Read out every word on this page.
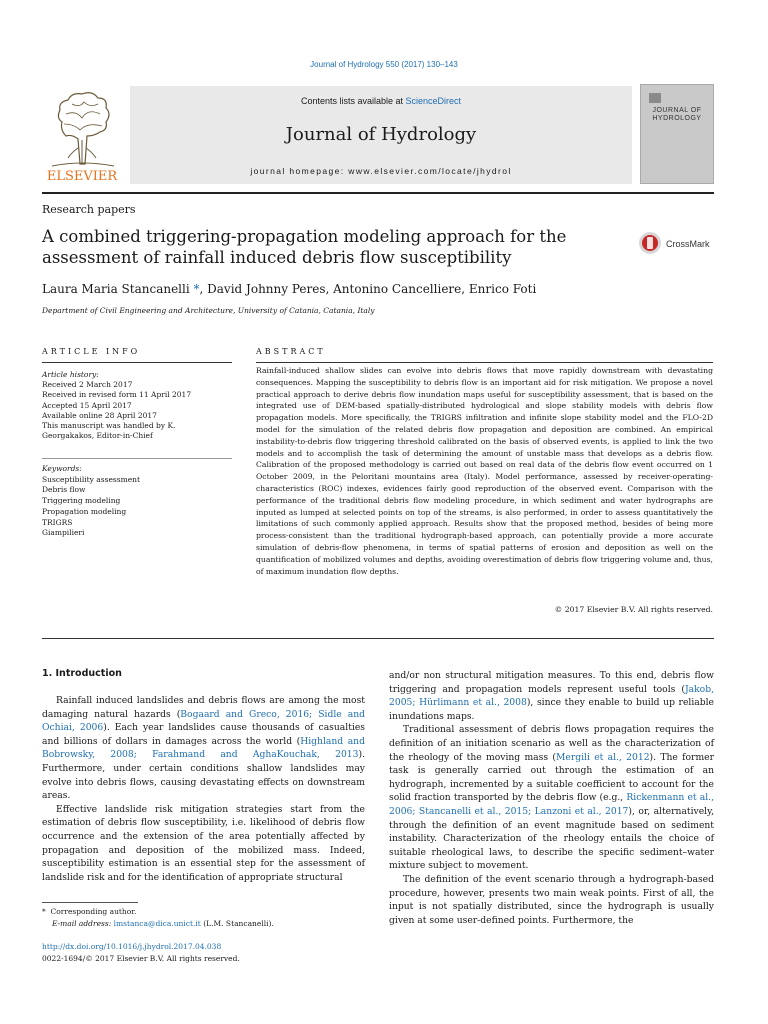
Journal of Hydrology 550 (2017) 130–143
ELSEVIER
Contents lists available at ScienceDirect
Journal of Hydrology
journal homepage: www.elsevier.com/locate/jhydrol
JOURNAL OF
HYDROLOGY
Research papers
A combined triggering-propagation modeling approach for the assessment of rainfall induced debris flow susceptibility
CrossMark
Laura Maria Stancanelli *, David Johnny Peres, Antonino Cancelliere, Enrico Foti
Department of Civil Engineering and Architecture, University of Catania, Catania, Italy
ARTICLE INFO	ABSTRACT
Article history:
Received 2 March 2017
Received in revised form 11 April 2017
Accepted 15 April 2017
Available online 28 April 2017
This manuscript was handled by K.
Georgakakos, Editor-in-Chief
Keywords:
Susceptibility assessment
Debris flow
Triggering modeling
Propagation modeling
TRIGRS
Giampilieri
Rainfall-induced shallow slides can evolve into debris flows that move rapidly downstream with devastating consequences. Mapping the susceptibility to debris flow is an important aid for risk mitigation. We propose a novel practical approach to derive debris flow inundation maps useful for susceptibility assessment, that is based on the integrated use of DEM-based spatially-distributed hydrological and slope stability models with debris flow propagation models. More specifically, the TRIGRS infiltration and infinite slope stability model and the FLO-2D model for the simulation of the related debris flow propagation and deposition are combined. An empirical instability-to-debris flow triggering threshold calibrated on the basis of observed events, is applied to link the two models and to accomplish the task of determining the amount of unstable mass that develops as a debris flow. Calibration of the proposed methodology is carried out based on real data of the debris flow event occurred on 1 October 2009, in the Peloritani mountains area (Italy). Model performance, assessed by receiver-operating-characteristics (ROC) indexes, evidences fairly good reproduction of the observed event. Comparison with the performance of the traditional debris flow modeling procedure, in which sediment and water hydrographs are inputed as lumped at selected points on top of the streams, is also performed, in order to assess quantitatively the limitations of such commonly applied approach. Results show that the proposed method, besides of being more process-consistent than the traditional hydrograph-based approach, can potentially provide a more accurate simulation of debris-flow phenomena, in terms of spatial patterns of erosion and deposition as well on the quantification of mobilized volumes and depths, avoiding overestimation of debris flow triggering volume and, thus, of maximum inundation flow depths.
© 2017 Elsevier B.V. All rights reserved.
1. Introduction

Rainfall induced landslides and debris flows are among the most damaging natural hazards (Bogaard and Greco, 2016; Sidle and Ochiai, 2006). Each year landslides cause thousands of casualties and billions of dollars in damages across the world (Highland and Bobrowsky, 2008; Farahmand and AghaKouchak, 2013). Furthermore, under certain conditions shallow landslides may evolve into debris flows, causing devastating effects on downstream areas.

Effective landslide risk mitigation strategies start from the estimation of debris flow susceptibility, i.e. likelihood of debris flow occurrence and the extension of the area potentially affected by propagation and deposition of the mobilized mass. Indeed, susceptibility estimation is an essential step for the assessment of landslide risk and for the identification of appropriate structural

and/or non structural mitigation measures. To this end, debris flow triggering and propagation models represent useful tools (Jakob, 2005; Hürlimann et al., 2008), since they enable to build up reliable inundations maps.

Traditional assessment of debris flows propagation requires the definition of an initiation scenario as well as the characterization of the rheology of the moving mass (Mergili et al., 2012). The former task is generally carried out through the estimation of an hydrograph, incremented by a suitable coefficient to account for the solid fraction transported by the debris flow (e.g., Rickenmann et al., 2006; Stancanelli et al., 2015; Lanzoni et al., 2017), or, alternatively, through the definition of an event magnitude based on sediment instability. Characterization of the rheology entails the choice of suitable rheological laws, to describe the specific sediment–water mixture subject to movement.

The definition of the event scenario through a hydrograph-based procedure, however, presents two main weak points. First of all, the input is not spatially distributed, since the hydrograph is usually given at some user-defined points. Furthermore, the

* Corresponding author.
E-mail address: lmstanca@dica.unict.it (L.M. Stancanelli).
http://dx.doi.org/10.1016/j.jhydrol.2017.04.038
0022-1694/© 2017 Elsevier B.V. All rights reserved.
